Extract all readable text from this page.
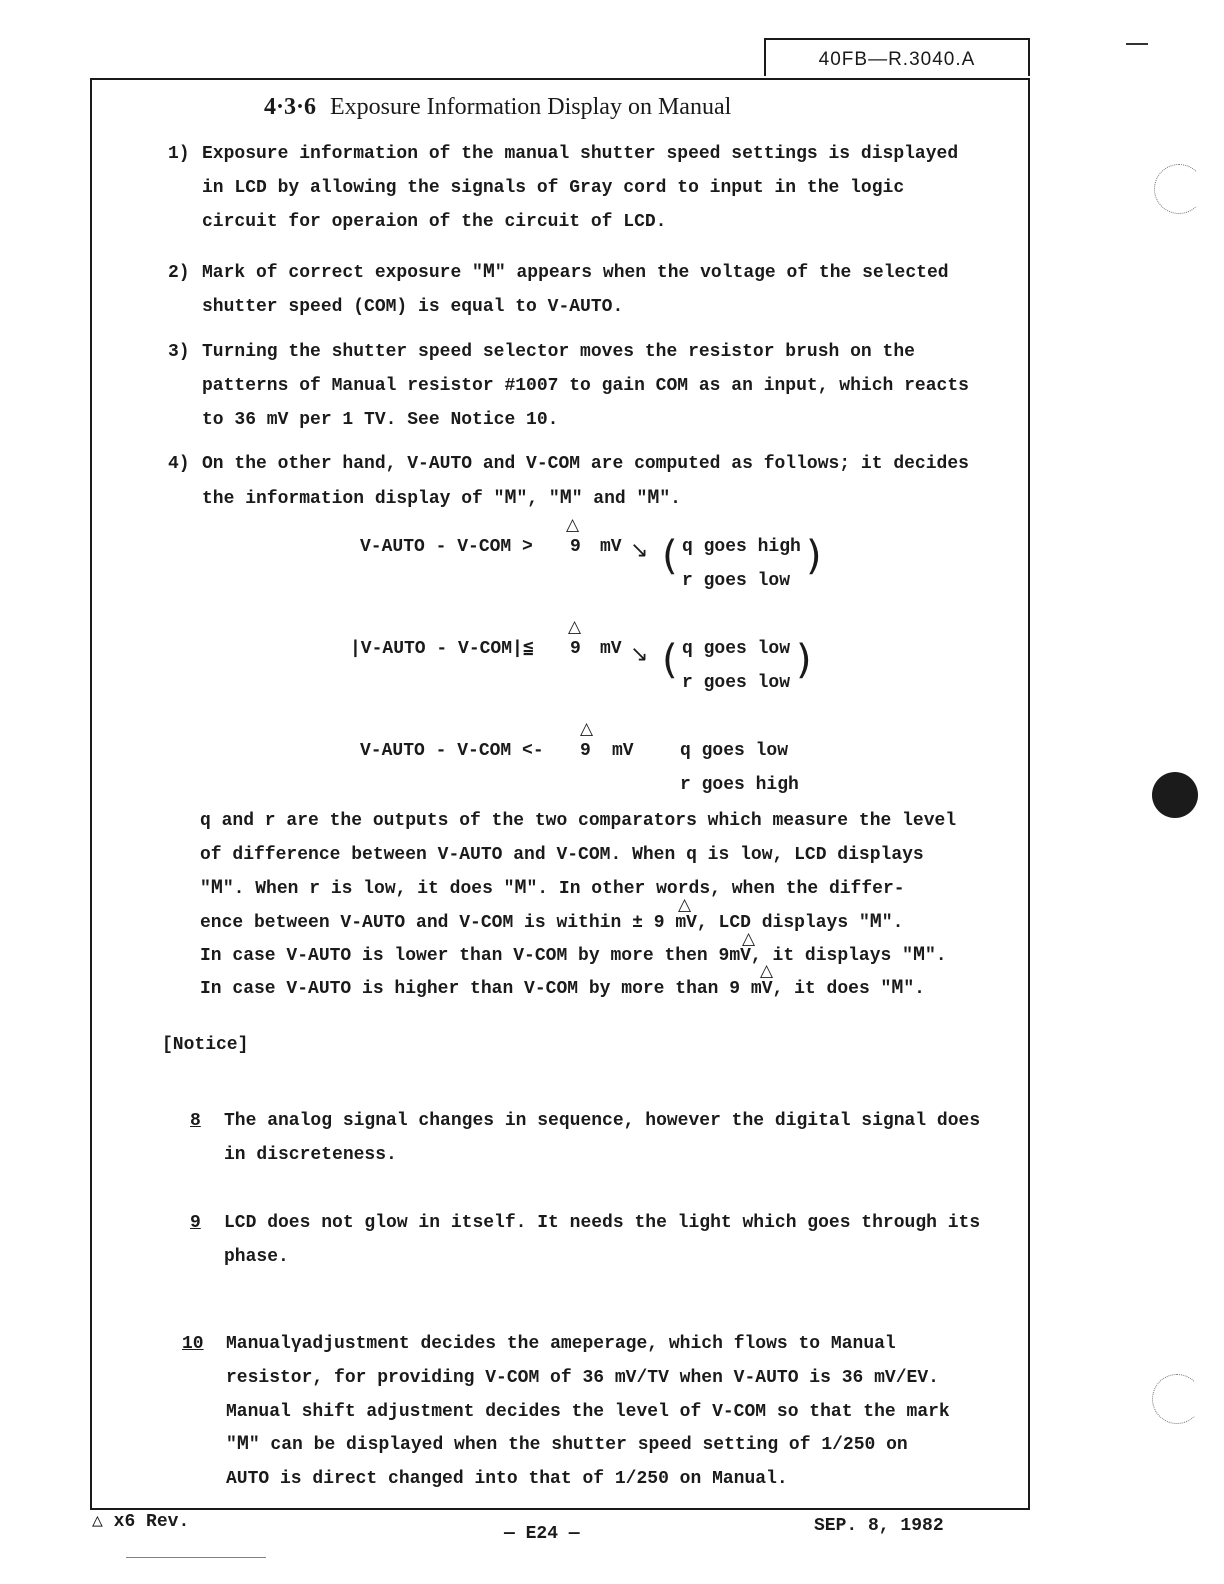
40FB—R.3040.A
4·3·6 Exposure Information Display on Manual
1) Exposure information of the manual shutter speed settings is displayed
in LCD by allowing the signals of Gray cord to input in the logic
circuit for operaion of the circuit of LCD.
2) Mark of correct exposure "M" appears when the voltage of the selected
shutter speed (COM) is equal to V-AUTO.
3) Turning the shutter speed selector moves the resistor brush on the
patterns of Manual resistor #1007 to gain COM as an input, which reacts
to 36 mV per 1 TV. See Notice 10.
4) On the other hand, V-AUTO and V-COM are computed as follows; it decides
the information display of "M", "M" and "M".
△
V-AUTO - V-COM > 9 mV ↘ ( q goes high
r goes low
)
△
|V-AUTO - V-COM|≦ 9 mV ↘ ( q goes low
r goes low )
△
V-AUTO - V-COM <- 9 mV	q goes low
r goes high
q and r are the outputs of the two comparators which measure the level
of difference between V-AUTO and V-COM. When q is low, LCD displays
"M". When r is low, it does "M". In other words, when the differ-
△
ence between V-AUTO and V-COM is within ± 9 mV, LCD displays "M".
△
In case V-AUTO is lower than V-COM by more then 9mV, it displays "M".
△
In case V-AUTO is higher than V-COM by more than 9 mV, it does "M".
[Notice]
8 The analog signal changes in sequence, however the digital signal does
in discreteness.
9 LCD does not glow in itself. It needs the light which goes through its
phase.
10 Manualγadjustment decides the ameperage, which flows to Manual
resistor, for providing V-COM of 36 mV/TV when V-AUTO is 36 mV/EV.
Manual shift adjustment decides the level of V-COM so that the mark
"M" can be displayed when the shutter speed setting of 1/250 on
AUTO is direct changed into that of 1/250 on Manual.
△ x6 Rev.
— E24 —	SEP. 8, 1982
